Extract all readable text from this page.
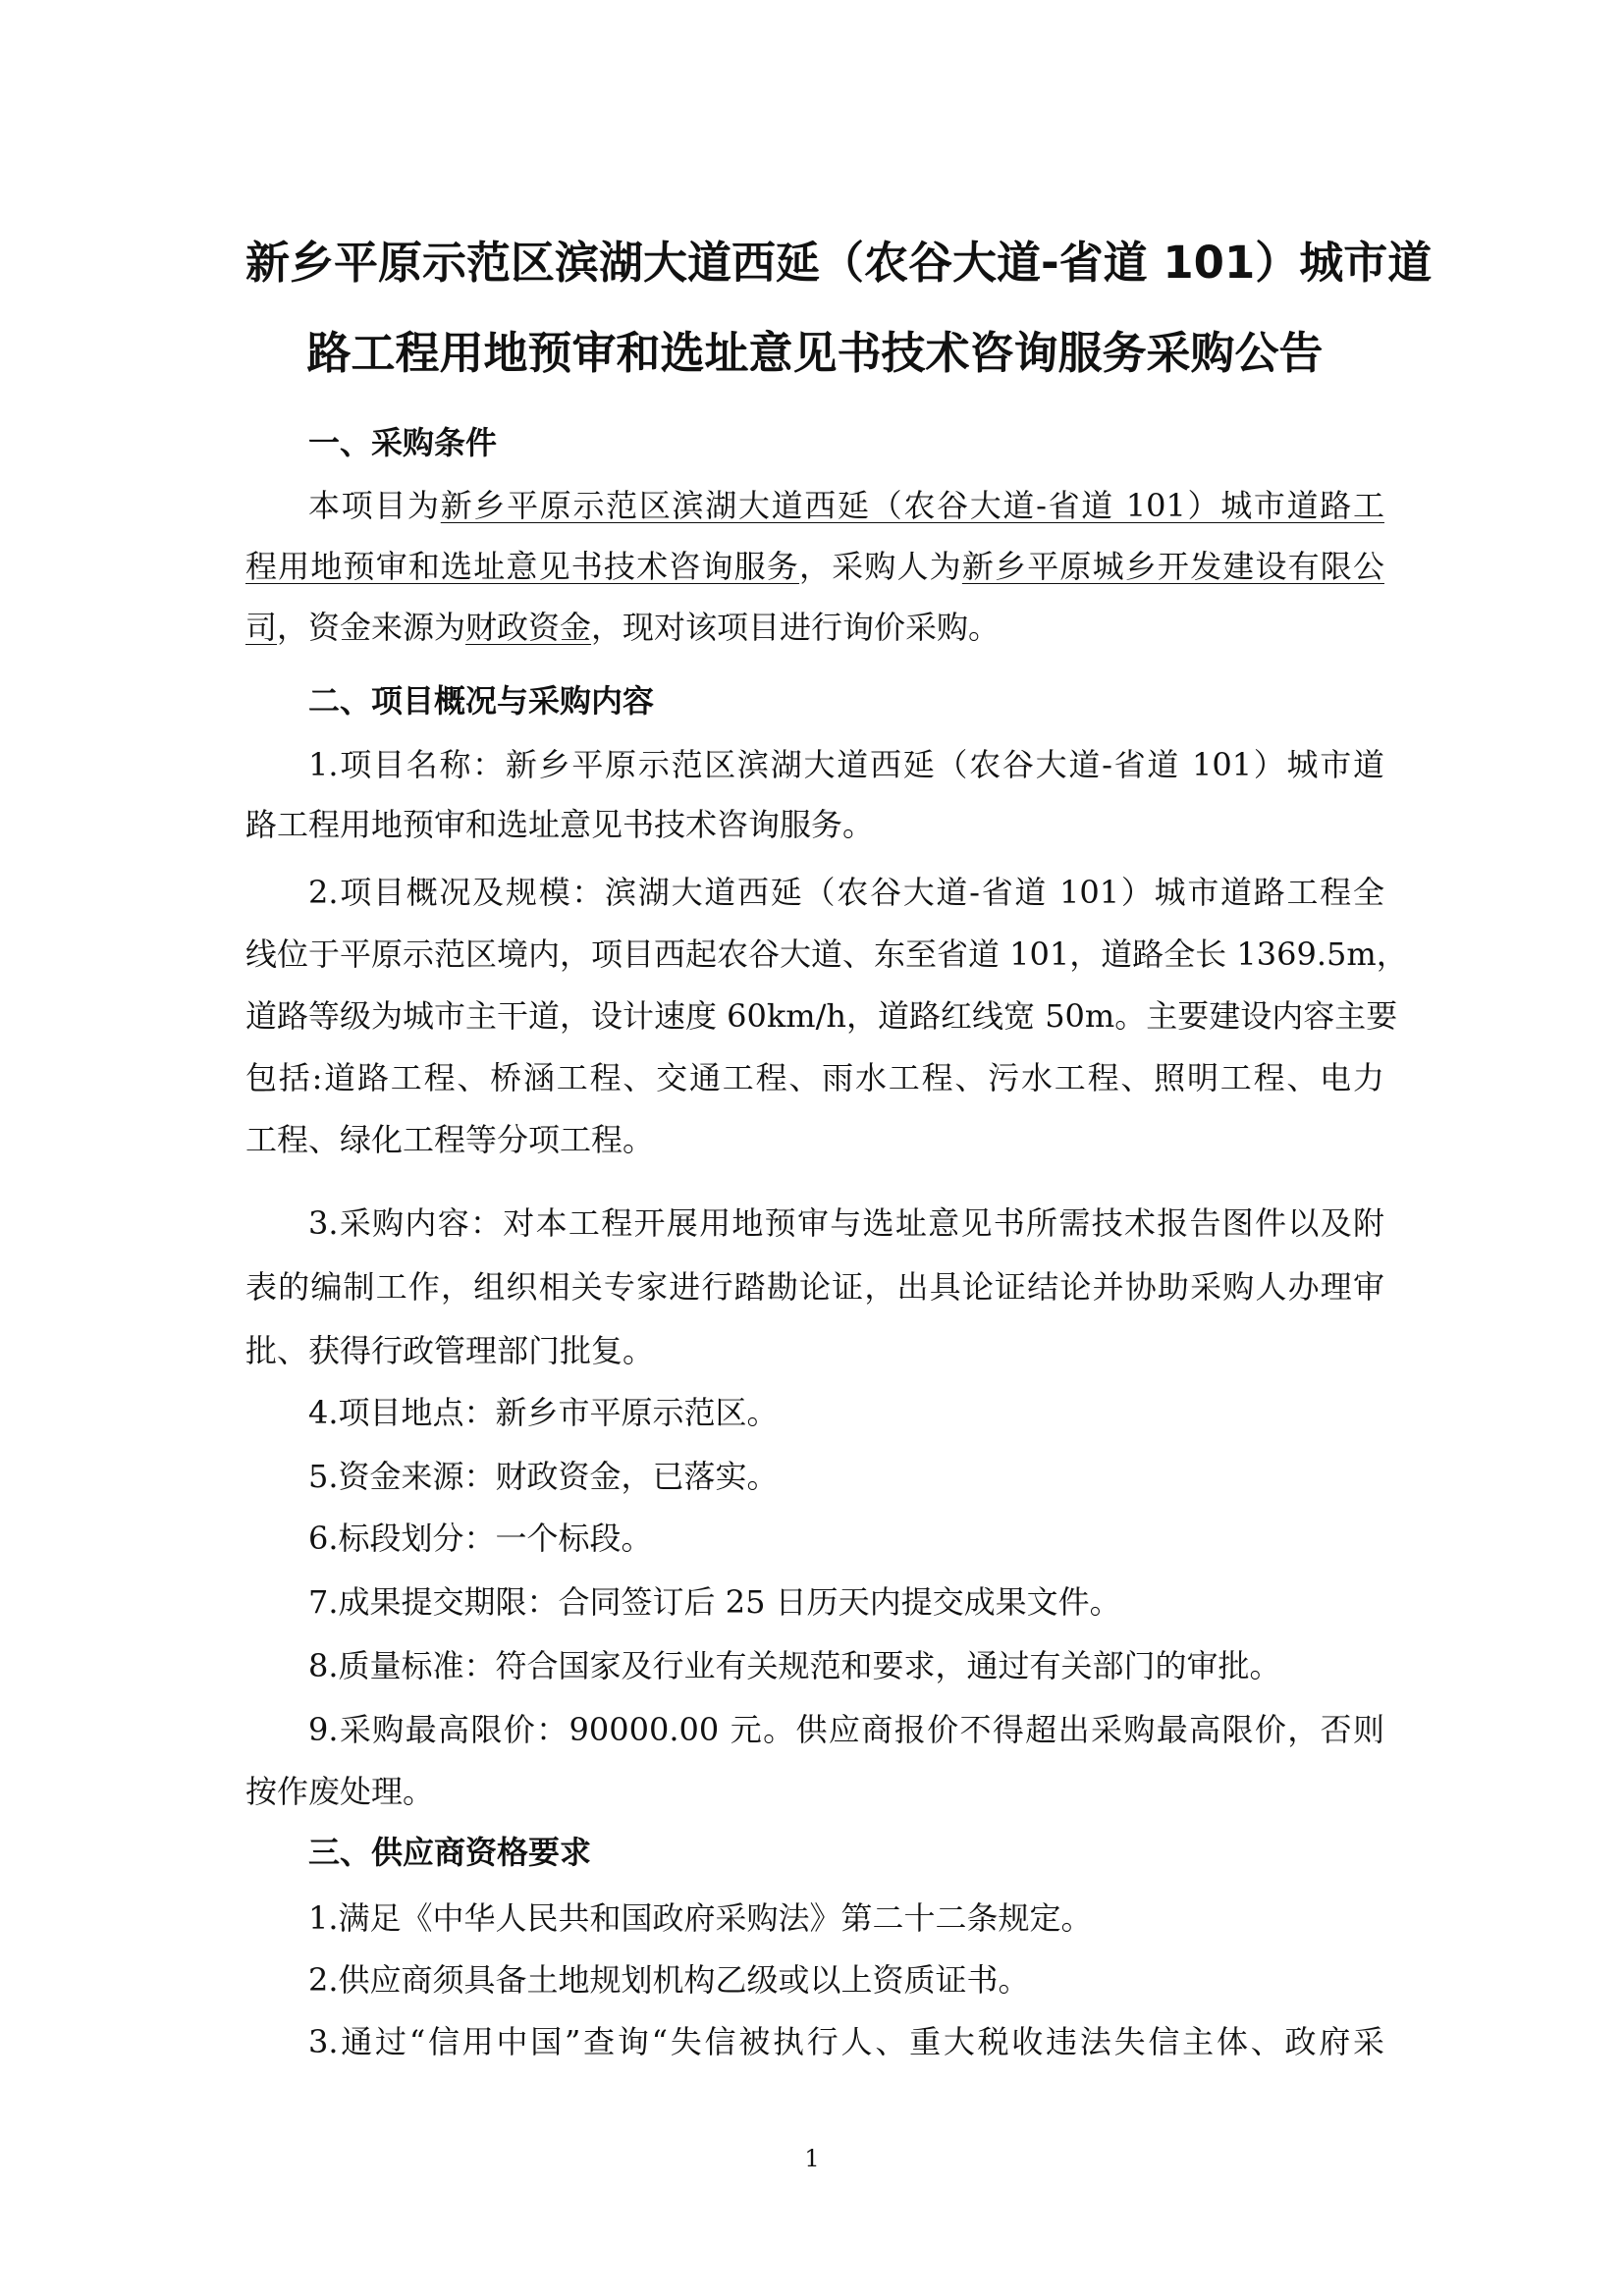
新乡平原示范区滨湖大道西延（农谷大道-省道 101）城市道
路工程用地预审和选址意见书技术咨询服务采购公告
一、采购条件
本项目为新乡平原示范区滨湖大道西延（农谷大道-省道 101）城市道路工
程用地预审和选址意见书技术咨询服务，采购人为新乡平原城乡开发建设有限公
司，资金来源为财政资金，现对该项目进行询价采购。
二、项目概况与采购内容
1.项目名称：新乡平原示范区滨湖大道西延（农谷大道-省道 101）城市道
路工程用地预审和选址意见书技术咨询服务。
2.项目概况及规模：滨湖大道西延（农谷大道-省道 101）城市道路工程全
线位于平原示范区境内，项目西起农谷大道、东至省道 101，道路全长 1369.5m，
道路等级为城市主干道，设计速度 60km/h，道路红线宽 50m。主要建设内容主要
包括:道路工程、桥涵工程、交通工程、雨水工程、污水工程、照明工程、电力
工程、绿化工程等分项工程。
3.采购内容：对本工程开展用地预审与选址意见书所需技术报告图件以及附
表的编制工作，组织相关专家进行踏勘论证，出具论证结论并协助采购人办理审
批、获得行政管理部门批复。
4.项目地点：新乡市平原示范区。
5.资金来源：财政资金，已落实。
6.标段划分：一个标段。
7.成果提交期限：合同签订后 25 日历天内提交成果文件。
8.质量标准：符合国家及行业有关规范和要求，通过有关部门的审批。
9.采购最高限价：90000.00 元。供应商报价不得超出采购最高限价，否则
按作废处理。
三、供应商资格要求
1.满足《中华人民共和国政府采购法》第二十二条规定。
2.供应商须具备土地规划机构乙级或以上资质证书。
3.通过“信用中国”查询“失信被执行人、重大税收违法失信主体、政府采
1
